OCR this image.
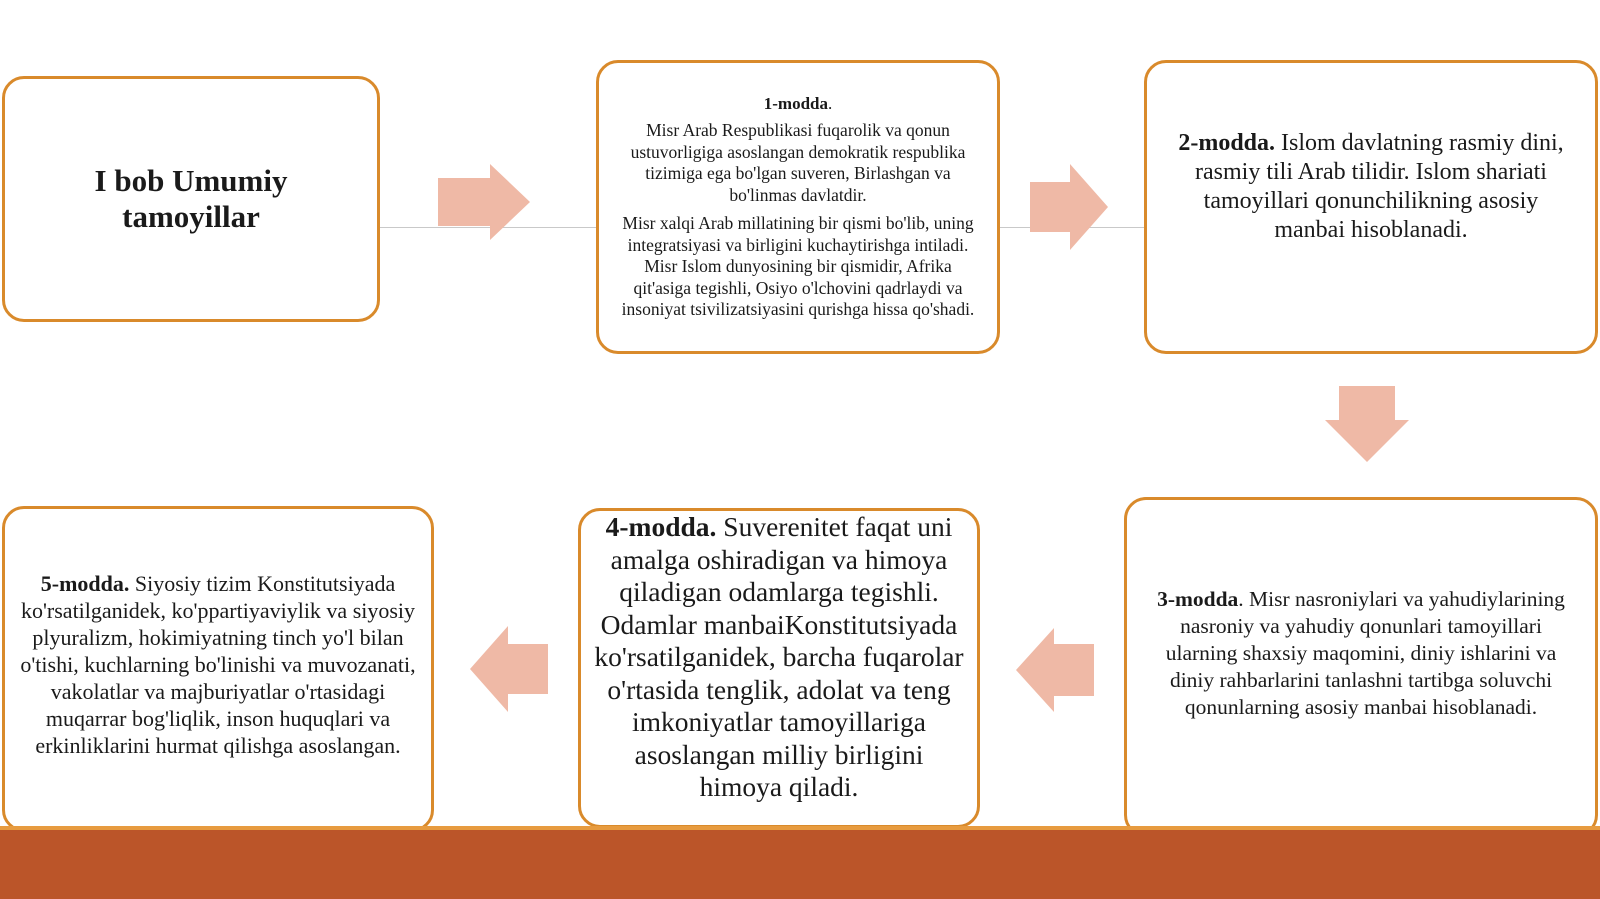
I bob Umumiy tamoyillar

1-modda.

Misr Arab Respublikasi fuqarolik va qonun ustuvorligiga asoslangan demokratik respublika tizimiga ega bo'lgan suveren, Birlashgan va bo'linmas davlatdir.

Misr xalqi Arab millatining bir qismi bo'lib, uning integratsiyasi va birligini kuchaytirishga intiladi. Misr Islom dunyosining bir qismidir, Afrika qit'asiga tegishli, Osiyo o'lchovini qadrlaydi va insoniyat tsivilizatsiyasini qurishga hissa qo'shadi.

2-modda. Islom davlatning rasmiy dini, rasmiy tili Arab tilidir. Islom shariati tamoyillari qonunchilikning asosiy manbai hisoblanadi.

3-modda. Misr nasroniylari va yahudiylarining nasroniy va yahudiy qonunlari tamoyillari ularning shaxsiy maqomini, diniy ishlarini va diniy rahbarlarini tanlashni tartibga soluvchi qonunlarning asosiy manbai hisoblanadi.

4-modda. Suverenitet faqat uni amalga oshiradigan va himoya qiladigan odamlarga tegishli. Odamlar manbaiKonstitutsiyada ko'rsatilganidek, barcha fuqarolar o'rtasida tenglik, adolat va teng imkoniyatlar tamoyillariga asoslangan milliy birligini himoya qiladi.

5-modda. Siyosiy tizim Konstitutsiyada ko'rsatilganidek, ko'ppartiyaviylik va siyosiy plyuralizm, hokimiyatning tinch yo'l bilan o'tishi, kuchlarning bo'linishi va muvozanati, vakolatlar va majburiyatlar o'rtasidagi muqarrar bog'liqlik, inson huquqlari va erkinliklarini hurmat qilishga asoslangan.
